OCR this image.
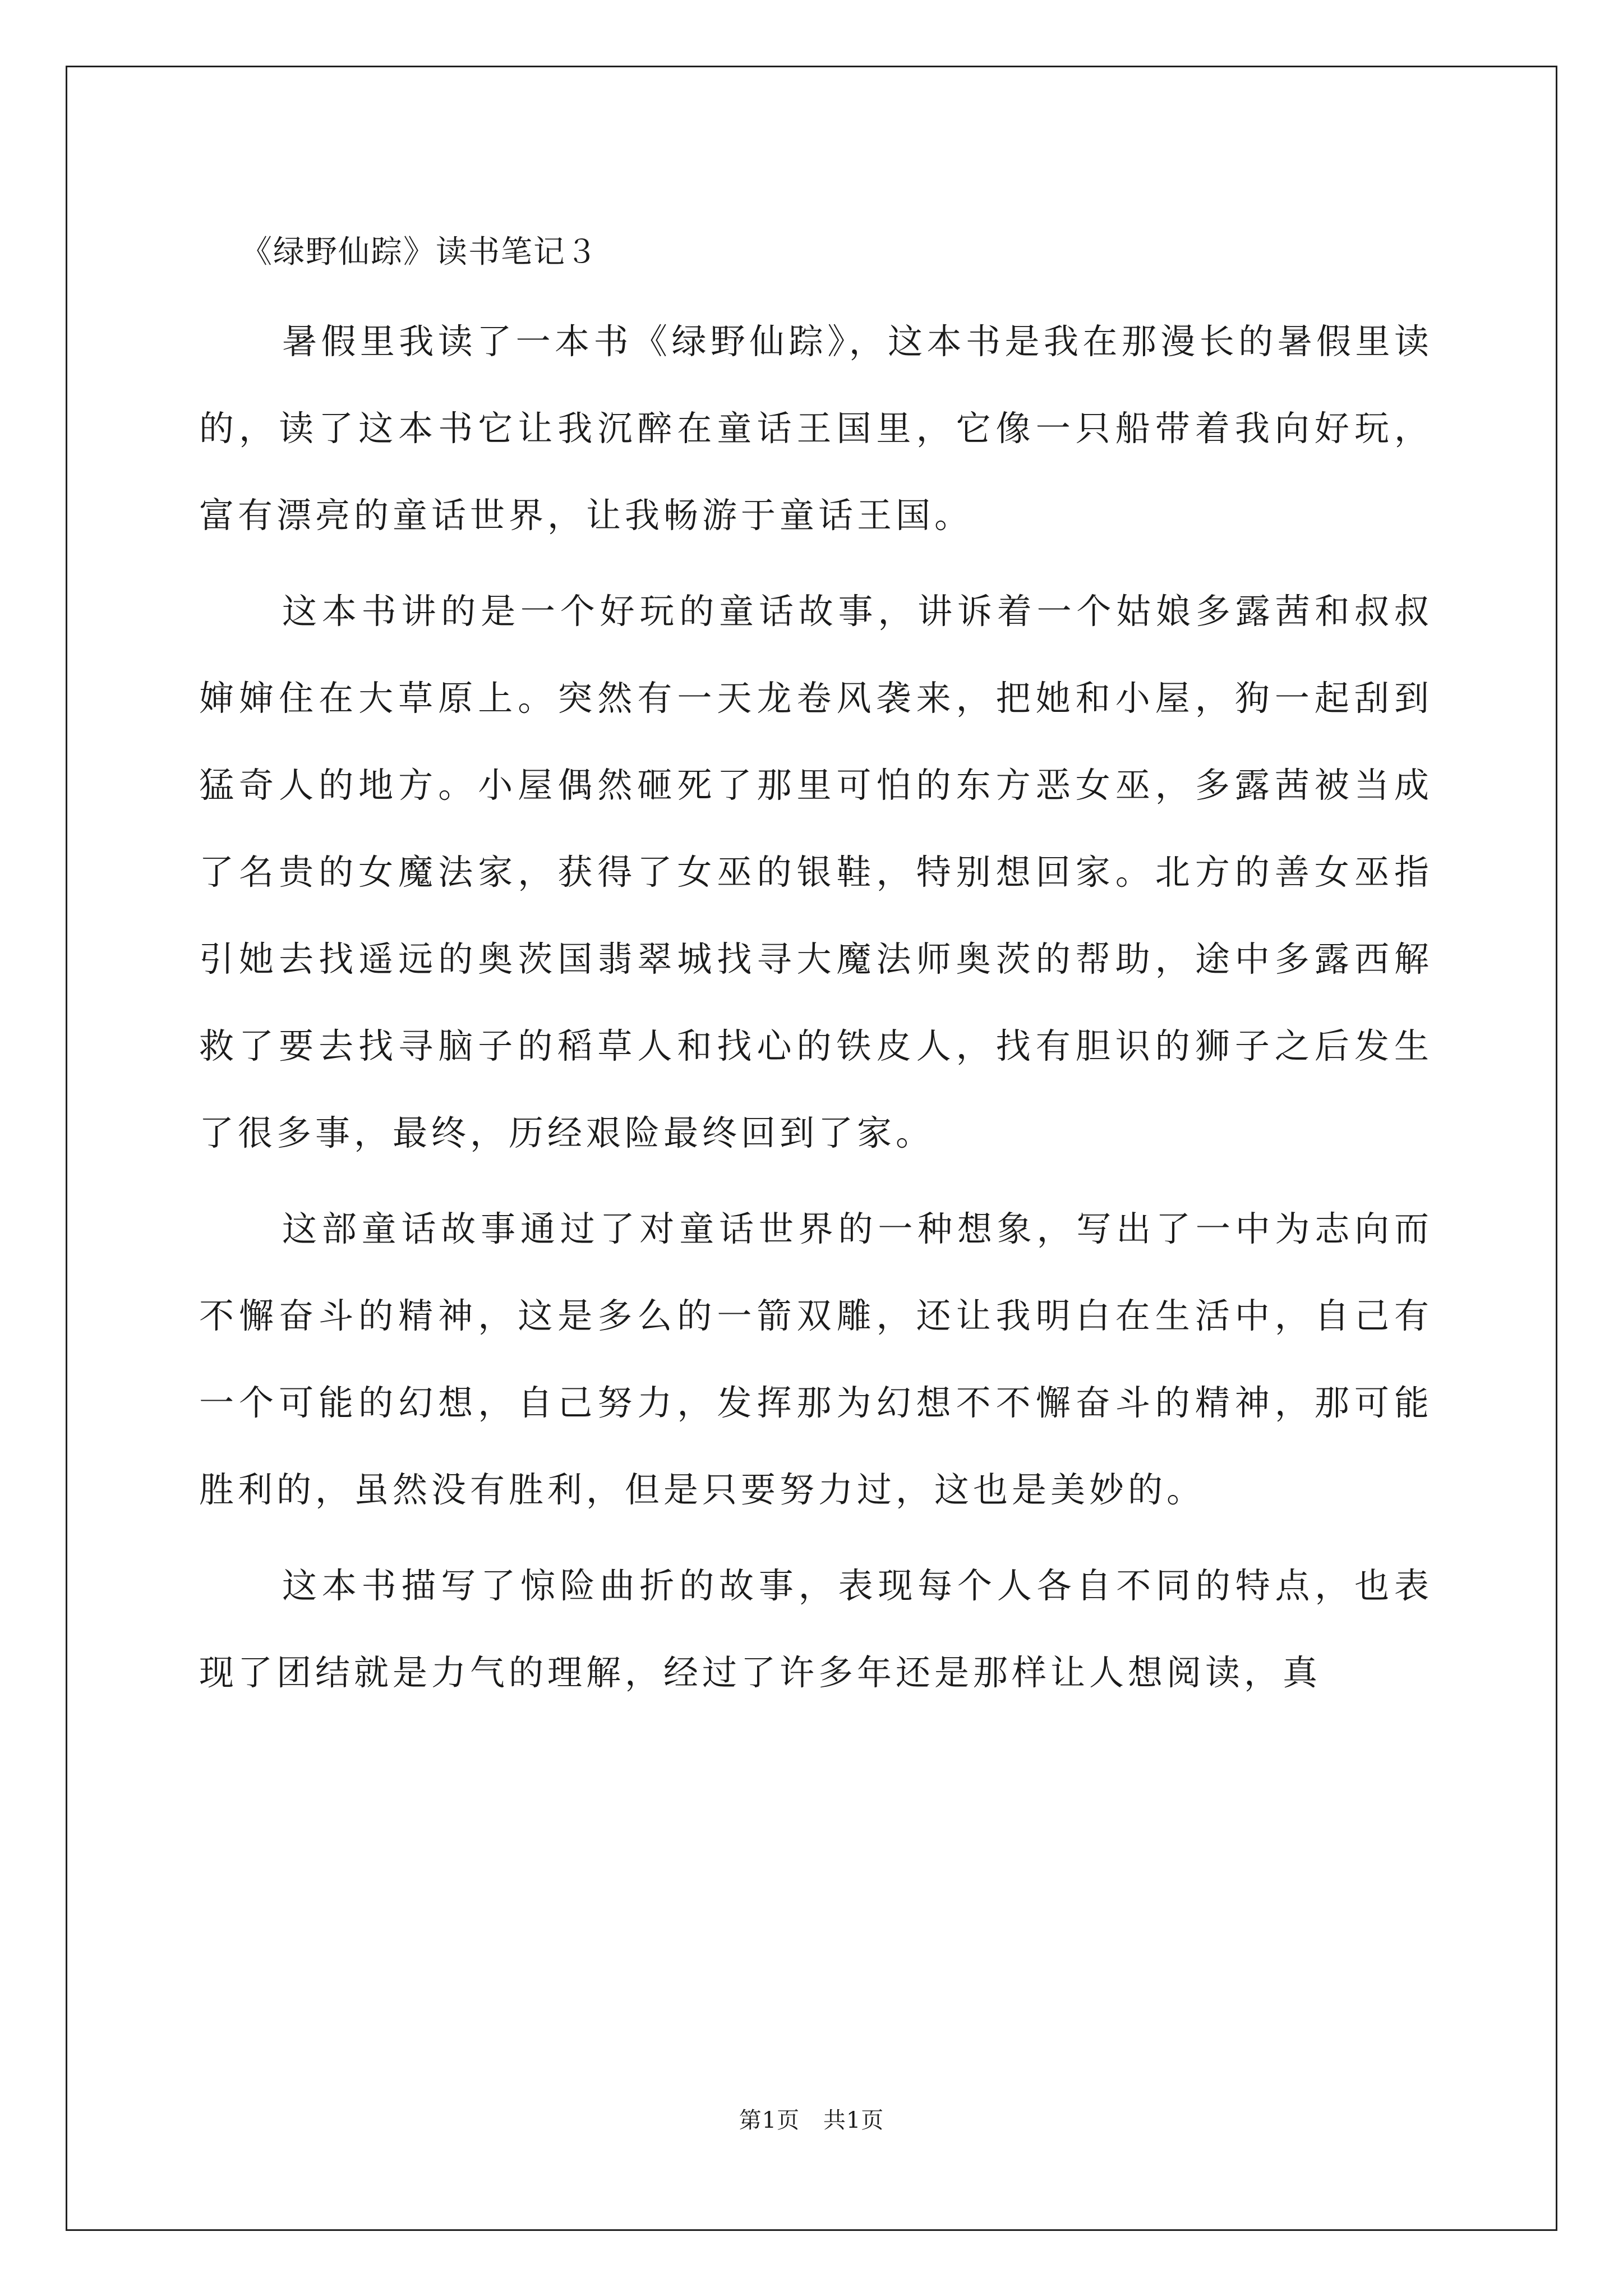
《绿野仙踪》读书笔记３

暑假里我读了一本书《绿野仙踪》，这本书是我在那漫长的暑假里读的，读了这本书它让我沉醉在童话王国里，它像一只船带着我向好玩，富有漂亮的童话世界，让我畅游于童话王国。

这本书讲的是一个好玩的童话故事，讲诉着一个姑娘多露茜和叔叔婶婶住在大草原上。突然有一天龙卷风袭来，把她和小屋，狗一起刮到猛奇人的地方。小屋偶然砸死了那里可怕的东方恶女巫，多露茜被当成了名贵的女魔法家，获得了女巫的银鞋，特别想回家。北方的善女巫指引她去找遥远的奥茨国翡翠城找寻大魔法师奥茨的帮助，途中多露西解救了要去找寻脑子的稻草人和找心的铁皮人，找有胆识的狮子之后发生了很多事，最终，历经艰险最终回到了家。

这部童话故事通过了对童话世界的一种想象，写出了一中为志向而不懈奋斗的精神，这是多么的一箭双雕，还让我明白在生活中，自己有一个可能的幻想，自己努力，发挥那为幻想不不懈奋斗的精神，那可能胜利的，虽然没有胜利，但是只要努力过，这也是美妙的。

这本书描写了惊险曲折的故事，表现每个人各自不同的特点，也表现了团结就是力气的理解，经过了许多年还是那样让人想阅读，真

第1页 共1页
